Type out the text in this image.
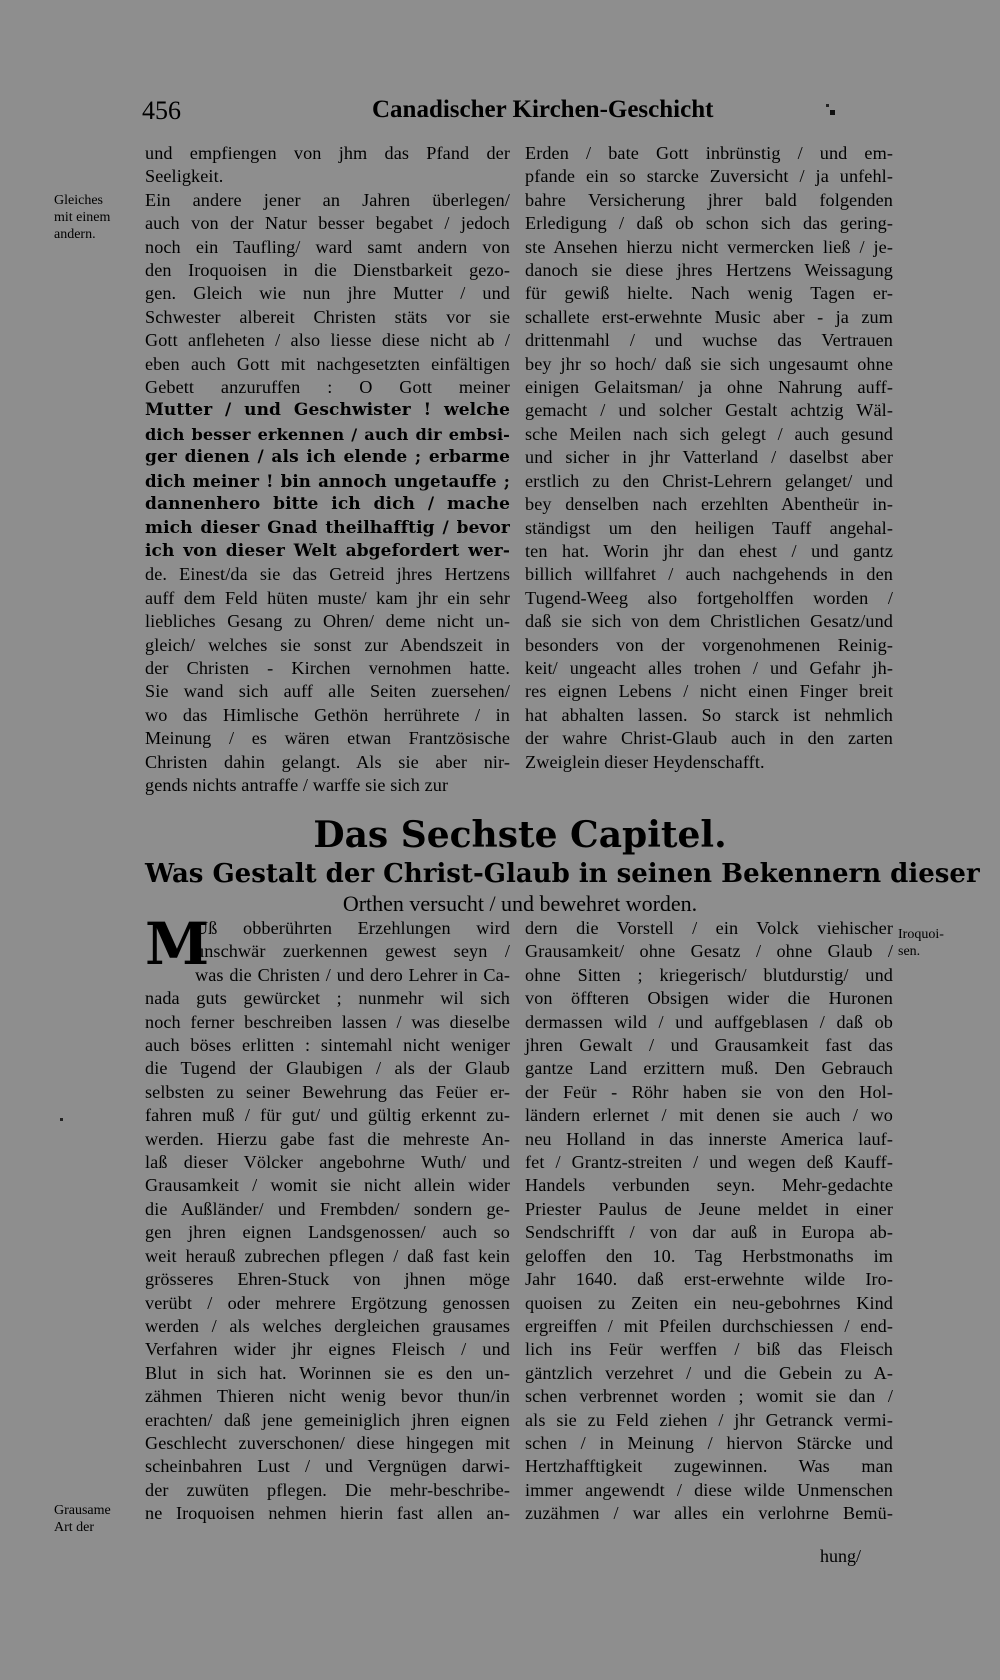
456	Canadischer Kirchen-Geschicht
Gleiches
mit einem
andern.
und empfiengen von jhm das Pfand der
Seeligkeit.
Ein andere jener an Jahren überlegen/
auch von der Natur besser begabet / jedoch
noch ein Taufling/ ward samt andern von
den Iroquoisen in die Dienstbarkeit gezo-
gen. Gleich wie nun jhre Mutter / und
Schwester albereit Christen stäts vor sie
Gott anfleheten / also liesse diese nicht ab /
eben auch Gott mit nachgesetzten einfältigen
Gebett anzuruffen : O Gott meiner
Mutter / und Geschwister ! welche
dich besser erkennen / auch dir embsi-
ger dienen / als ich elende ; erbarme
dich meiner ! bin annoch ungetauffe ;
dannenhero bitte ich dich / mache
mich dieser Gnad theilhafftig / bevor
ich von dieser Welt abgefordert wer-
de. Einest/da sie das Getreid jhres Hertzens
auff dem Feld hüten muste/ kam jhr ein sehr
liebliches Gesang zu Ohren/ deme nicht un-
gleich/ welches sie sonst zur Abendszeit in
der Christen - Kirchen vernohmen hatte.
Sie wand sich auff alle Seiten zuersehen/
wo das Himlische Gethön herrührete / in
Meinung / es wären etwan Frantzösische
Christen dahin gelangt. Als sie aber nir-
gends nichts antraffe / warffe sie sich zur
Erden / bate Gott inbrünstig / und em-
pfande ein so starcke Zuversicht / ja unfehl-
bahre Versicherung jhrer bald folgenden
Erledigung / daß ob schon sich das gering-
ste Ansehen hierzu nicht vermercken ließ / je-
danoch sie diese jhres Hertzens Weissagung
für gewiß hielte. Nach wenig Tagen er-
schallete erst-erwehnte Music aber - ja zum
drittenmahl / und wuchse das Vertrauen
bey jhr so hoch/ daß sie sich ungesaumt ohne
einigen Gelaitsman/ ja ohne Nahrung auff-
gemacht / und solcher Gestalt achtzig Wäl-
sche Meilen nach sich gelegt / auch gesund
und sicher in jhr Vatterland / daselbst aber
erstlich zu den Christ-Lehrern gelanget/ und
bey denselben nach erzehlten Abentheür in-
ständigst um den heiligen Tauff angehal-
ten hat. Worin jhr dan ehest / und gantz
billich willfahret / auch nachgehends in den
Tugend-Weeg also fortgeholffen worden /
daß sie sich von dem Christlichen Gesatz/und
besonders von der vorgenohmenen Reinig-
keit/ ungeacht alles trohen / und Gefahr jh-
res eignen Lebens / nicht einen Finger breit
hat abhalten lassen. So starck ist nehmlich
der wahre Christ-Glaub auch in den zarten
Zweiglein dieser Heydenschafft.
Das Sechste Capitel.
Was Gestalt der Christ-Glaub in seinen Bekennern dieser
Orthen versucht / und bewehret worden.
Iroquoi-
sen.
M
Uß obberührten Erzehlungen wird
unschwär zuerkennen gewest seyn /
was die Christen / und dero Lehrer in Ca-
nada guts gewürcket ; nunmehr wil sich
noch ferner beschreiben lassen / was dieselbe
auch böses erlitten : sintemahl nicht weniger
die Tugend der Glaubigen / als der Glaub
selbsten zu seiner Bewehrung das Feüer er-
fahren muß / für gut/ und gültig erkennt zu-
werden. Hierzu gabe fast die mehreste An-
laß dieser Völcker angebohrne Wuth/ und
Grausamkeit / womit sie nicht allein wider
die Außländer/ und Frembden/ sondern ge-
gen jhren eignen Landsgenossen/ auch so
weit herauß zubrechen pflegen / daß fast kein
grösseres Ehren-Stuck von jhnen möge
verübt / oder mehrere Ergötzung genossen
werden / als welches dergleichen grausames
Verfahren wider jhr eignes Fleisch / und
Blut in sich hat. Worinnen sie es den un-
zähmen Thieren nicht wenig bevor thun/in
erachten/ daß jene gemeiniglich jhren eignen
Geschlecht zuverschonen/ diese hingegen mit
scheinbahren Lust / und Vergnügen darwi-
der zuwüten pflegen. Die mehr-beschribe-
ne Iroquoisen nehmen hierin fast allen an-
dern die Vorstell / ein Volck viehischer
Grausamkeit/ ohne Gesatz / ohne Glaub /
ohne Sitten ; kriegerisch/ blutdurstig/ und
von öffteren Obsigen wider die Huronen
dermassen wild / und auffgeblasen / daß ob
jhren Gewalt / und Grausamkeit fast das
gantze Land erzittern muß. Den Gebrauch
der Feür - Röhr haben sie von den Hol-
ländern erlernet / mit denen sie auch / wo
neu Holland in das innerste America lauf-
fet / Grantz-streiten / und wegen deß Kauff-
Handels verbunden seyn. Mehr-gedachte
Priester Paulus de Jeune meldet in einer
Sendschrifft / von dar auß in Europa ab-
geloffen den 10. Tag Herbstmonaths im
Jahr 1640. daß erst-erwehnte wilde Iro-
quoisen zu Zeiten ein neu-gebohrnes Kind
ergreiffen / mit Pfeilen durchschiessen / end-
lich ins Feür werffen / biß das Fleisch
gäntzlich verzehret / und die Gebein zu A-
schen verbrennet worden ; womit sie dan /
als sie zu Feld ziehen / jhr Getranck vermi-
schen / in Meinung / hiervon Stärcke und
Hertzhafftigkeit zugewinnen. Was man
immer angewendt / diese wilde Unmenschen
zuzähmen / war alles ein verlohrne Bemü-
Grausame
Art der
hung/
